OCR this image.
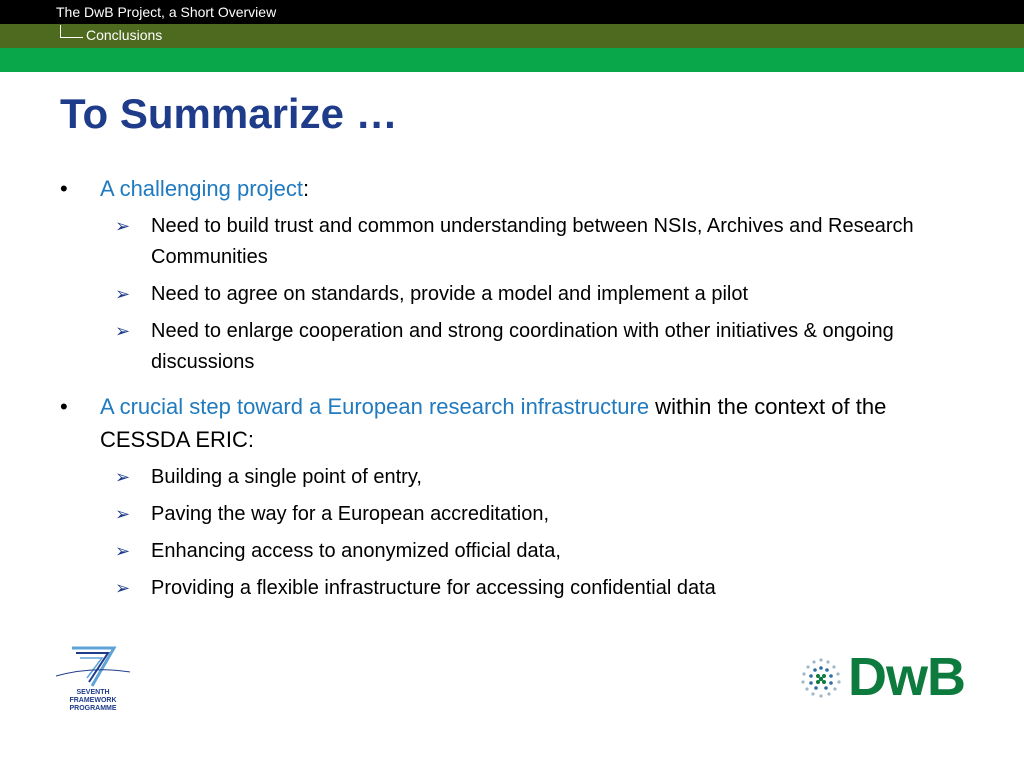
The DwB Project, a Short Overview
Conclusions
To Summarize …
•	A challenging project:
➢	Need to build trust and common understanding between NSIs, Archives and Research Communities
➢	Need to agree on standards, provide a model and implement a pilot
➢	Need to enlarge cooperation and strong coordination with other initiatives & ongoing discussions
•	A crucial step toward a European research infrastructure within the context of the CESSDA ERIC:
➢	Building a single point of entry,
➢	Paving the way for a European accreditation,
➢	Enhancing access to anonymized official data,
➢	Providing a flexible infrastructure for accessing confidential data
SEVENTH FRAMEWORK PROGRAMME
DwB
